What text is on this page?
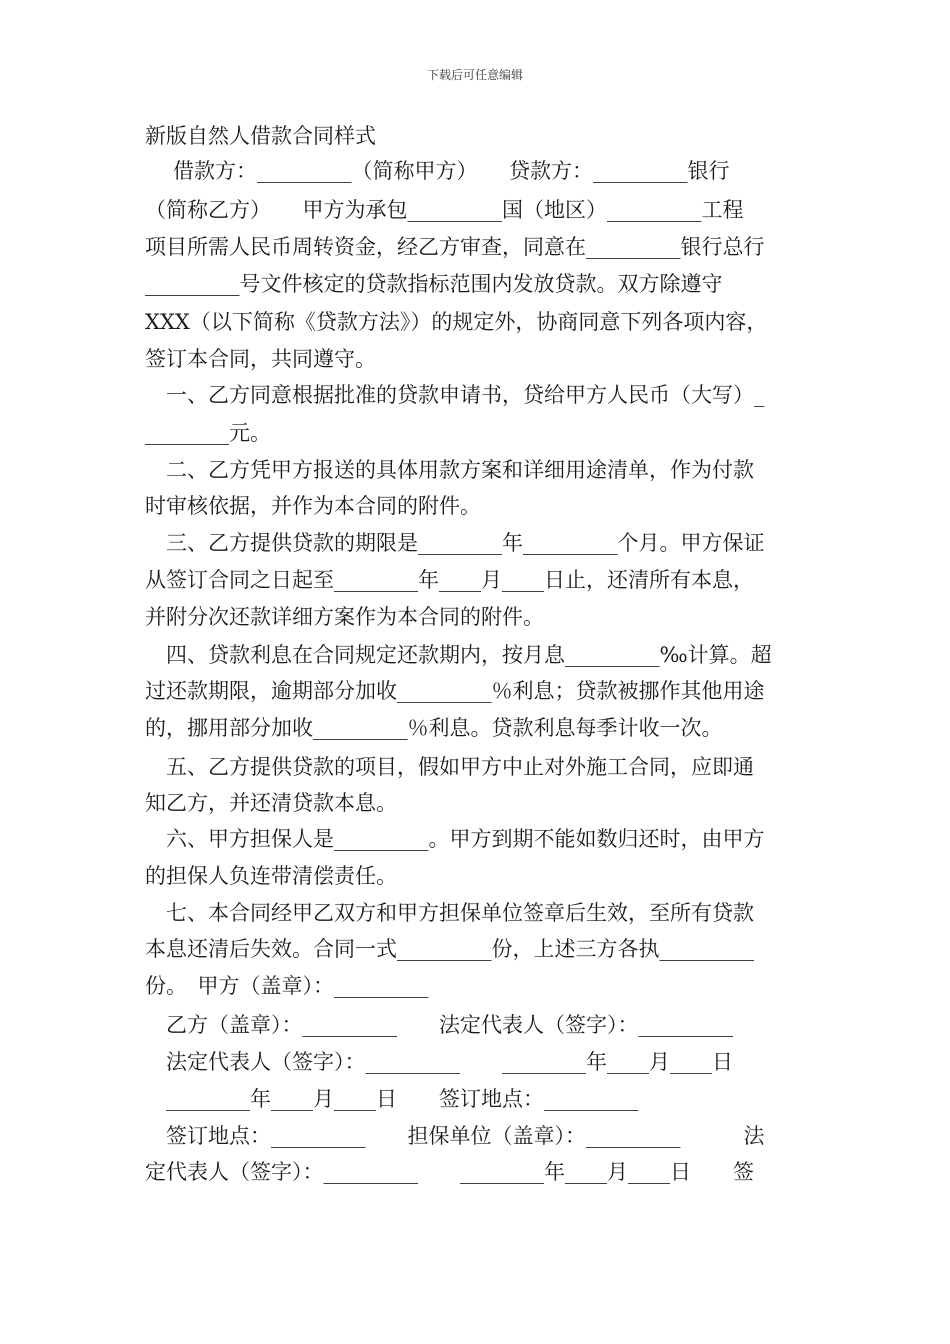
下载后可任意编辑
新版自然人借款合同样式
借款方：_________（简称甲方）　　贷款方：_________银行
（简称乙方）　　甲方为承包_________国（地区）_________工程
项目所需人民币周转资金，经乙方审查，同意在_________银行总行
_________号文件核定的贷款指标范围内发放贷款。双方除遵守
XXX（以下简称《贷款方法》）的规定外，协商同意下列各项内容，
签订本合同，共同遵守。
一、乙方同意根据批准的贷款申请书，贷给甲方人民币（大写）_
________元。
二、乙方凭甲方报送的具体用款方案和详细用途清单，作为付款
时审核依据，并作为本合同的附件。
三、乙方提供贷款的期限是________年_________个月。甲方保证
从签订合同之日起至________年____月____日止，还清所有本息，
并附分次还款详细方案作为本合同的附件。
四、贷款利息在合同规定还款期内，按月息_________‰计算。超
过还款期限，逾期部分加收_________％利息；贷款被挪作其他用途
的，挪用部分加收_________％利息。贷款利息每季计收一次。
五、乙方提供贷款的项目，假如甲方中止对外施工合同，应即通
知乙方，并还清贷款本息。
六、甲方担保人是_________。甲方到期不能如数归还时，由甲方
的担保人负连带清偿责任。
七、本合同经甲乙双方和甲方担保单位签章后生效，至所有贷款
本息还清后失效。合同一式_________份，上述三方各执_________
份。　甲方（盖章）：_________
乙方（盖章）：_________　　法定代表人（签字）：_________
法定代表人（签字）：_________　　________年____月____日
________年____月____日　　签订地点：_________
签订地点：_________　　担保单位（盖章）：_________　　　法
定代表人（签字）：_________　　________年____月____日　　签
